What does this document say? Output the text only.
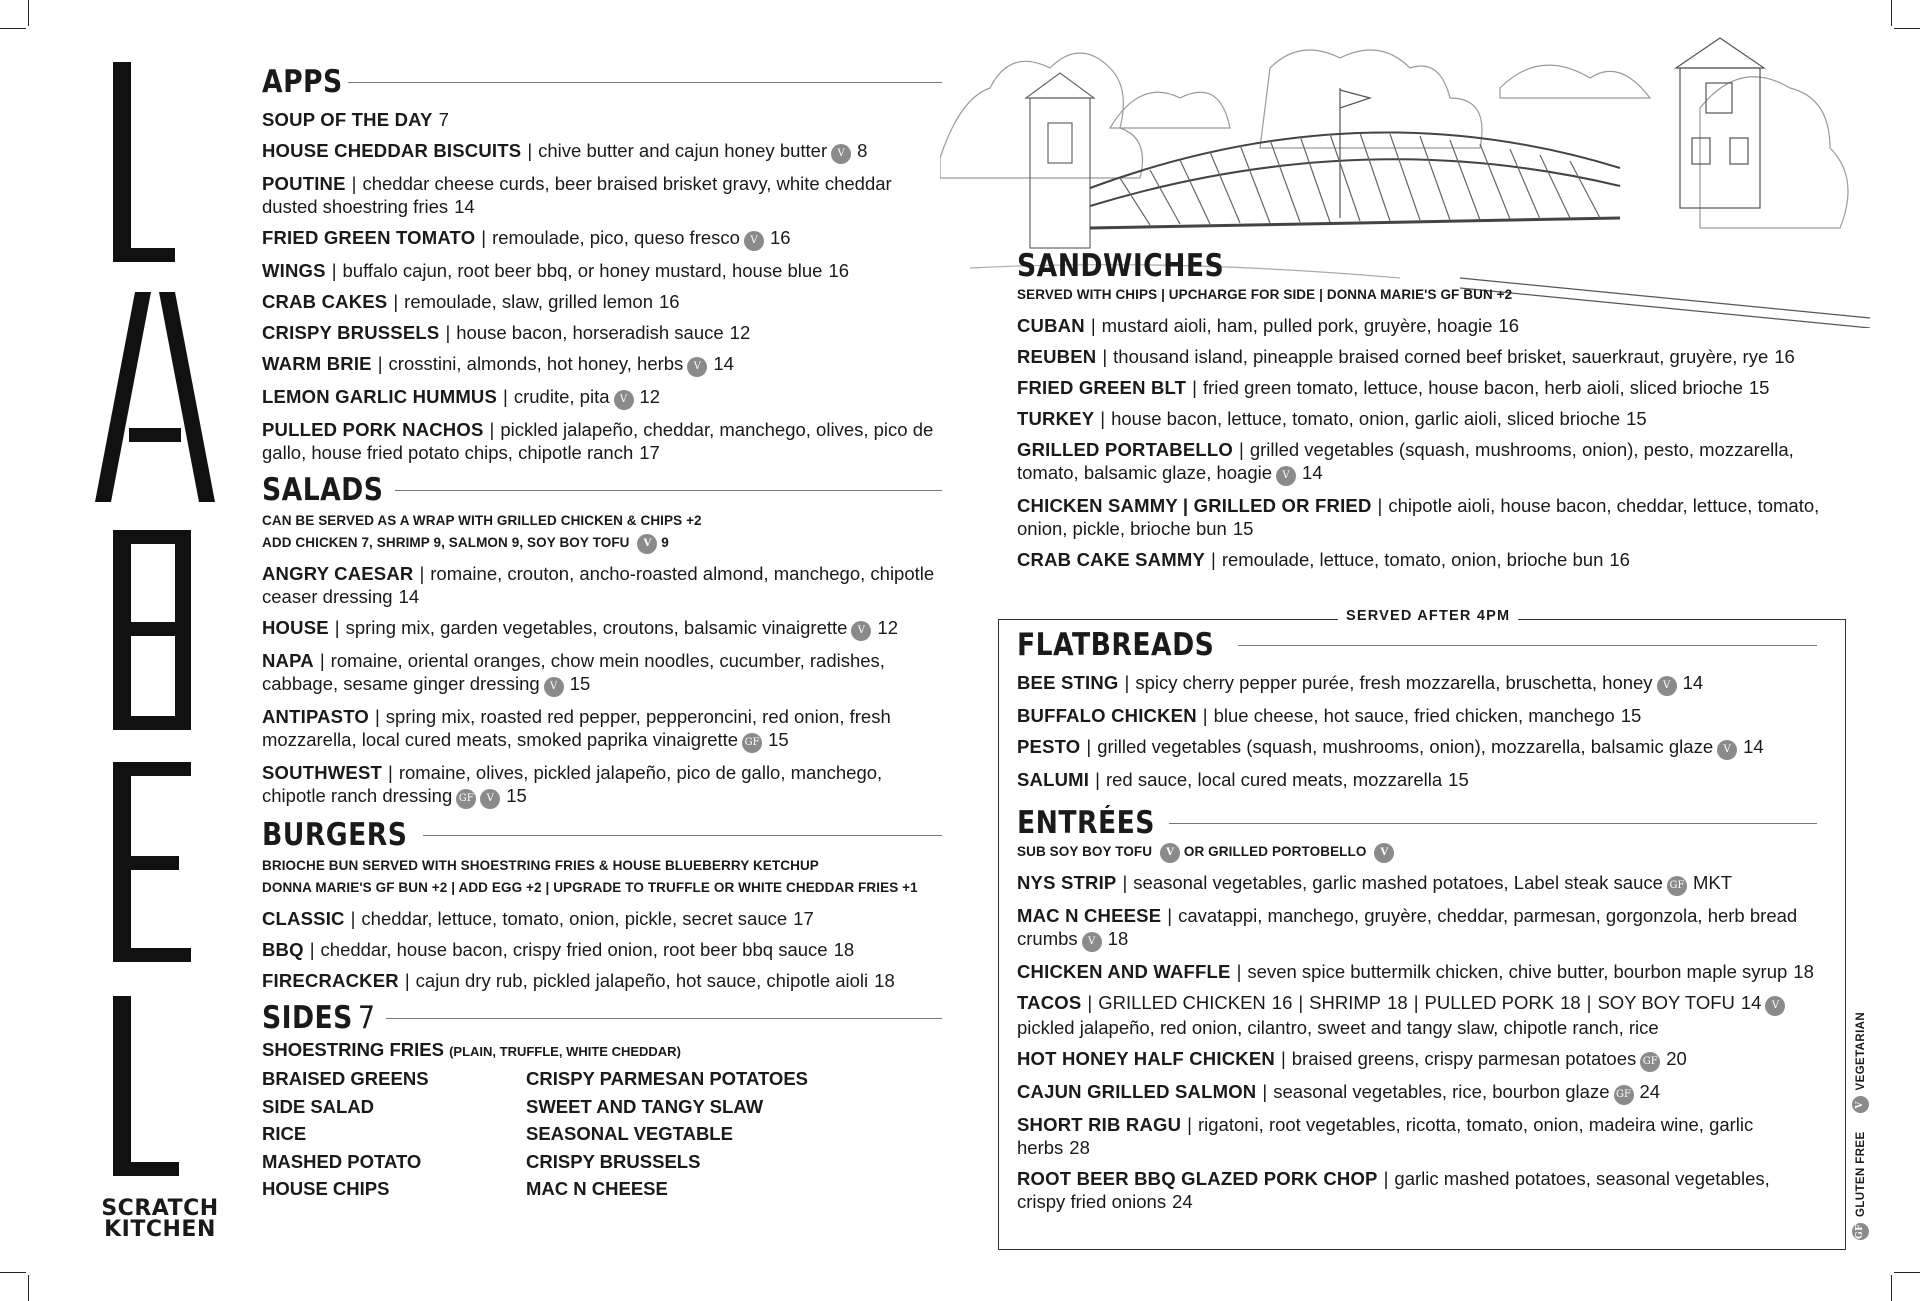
SCRATCH
KITCHEN
APPS
SOUP OF THE DAY 7
HOUSE CHEDDAR BISCUITS | chive butter and cajun honey butter V 8
POUTINE | cheddar cheese curds, beer braised brisket gravy, white cheddar dusted shoestring fries 14
FRIED GREEN TOMATO | remoulade, pico, queso fresco V 16
WINGS | buffalo cajun, root beer bbq, or honey mustard, house blue 16
CRAB CAKES | remoulade, slaw, grilled lemon 16
CRISPY BRUSSELS | house bacon, horseradish sauce 12
WARM BRIE | crosstini, almonds, hot honey, herbs V 14
LEMON GARLIC HUMMUS | crudite, pita V 12
PULLED PORK NACHOS | pickled jalapeño, cheddar, manchego, olives, pico de gallo, house fried potato chips, chipotle ranch 17
SALADS
CAN BE SERVED AS A WRAP WITH GRILLED CHICKEN & CHIPS +2
ADD CHICKEN 7, SHRIMP 9, SALMON 9, SOY BOY TOFU V 9
ANGRY CAESAR | romaine, crouton, ancho-roasted almond, manchego, chipotle ceaser dressing 14
HOUSE | spring mix, garden vegetables, croutons, balsamic vinaigrette V 12
NAPA | romaine, oriental oranges, chow mein noodles, cucumber, radishes, cabbage, sesame ginger dressing V 15
ANTIPASTO | spring mix, roasted red pepper, pepperoncini, red onion, fresh mozzarella, local cured meats, smoked paprika vinaigrette GF 15
SOUTHWEST | romaine, olives, pickled jalapeño, pico de gallo, manchego, chipotle ranch dressing GF V 15
BURGERS
BRIOCHE BUN SERVED WITH SHOESTRING FRIES & HOUSE BLUEBERRY KETCHUP
DONNA MARIE'S GF BUN +2 | ADD EGG +2 | UPGRADE TO TRUFFLE OR WHITE CHEDDAR FRIES +1
CLASSIC | cheddar, lettuce, tomato, onion, pickle, secret sauce 17
BBQ | cheddar, house bacon, crispy fried onion, root beer bbq sauce 18
FIRECRACKER | cajun dry rub, pickled jalapeño, hot sauce, chipotle aioli 18
SIDES 7
SHOESTRING FRIES (PLAIN, TRUFFLE, WHITE CHEDDAR)
BRAISED GREENS	CRISPY PARMESAN POTATOES
SIDE SALAD	SWEET AND TANGY SLAW
RICE	SEASONAL VEGTABLE
MASHED POTATO	CRISPY BRUSSELS
HOUSE CHIPS	MAC N CHEESE
SANDWICHES
SERVED WITH CHIPS | UPCHARGE FOR SIDE | DONNA MARIE'S GF BUN +2
CUBAN | mustard aioli, ham, pulled pork, gruyère, hoagie 16
REUBEN | thousand island, pineapple braised corned beef brisket, sauerkraut, gruyère, rye 16
FRIED GREEN BLT | fried green tomato, lettuce, house bacon, herb aioli, sliced brioche 15
TURKEY | house bacon, lettuce, tomato, onion, garlic aioli, sliced brioche 15
GRILLED PORTABELLO | grilled vegetables (squash, mushrooms, onion), pesto, mozzarella, tomato, balsamic glaze, hoagie V 14
CHICKEN SAMMY | GRILLED OR FRIED | chipotle aioli, house bacon, cheddar, lettuce, tomato, onion, pickle, brioche bun 15
CRAB CAKE SAMMY | remoulade, lettuce, tomato, onion, brioche bun 16
SERVED AFTER 4PM
FLATBREADS
BEE STING | spicy cherry pepper purée, fresh mozzarella, bruschetta, honey V 14
BUFFALO CHICKEN | blue cheese, hot sauce, fried chicken, manchego 15
PESTO | grilled vegetables (squash, mushrooms, onion), mozzarella, balsamic glaze V 14
SALUMI | red sauce, local cured meats, mozzarella 15
ENTRÉES
SUB SOY BOY TOFU V OR GRILLED PORTOBELLO V
NYS STRIP | seasonal vegetables, garlic mashed potatoes, Label steak sauce GF MKT
MAC N CHEESE | cavatappi, manchego, gruyère, cheddar, parmesan, gorgonzola, herb bread crumbs V 18
CHICKEN AND WAFFLE | seven spice buttermilk chicken, chive butter, bourbon maple syrup 18
TACOS | GRILLED CHICKEN 16 | SHRIMP 18 | PULLED PORK 18 | SOY BOY TOFU 14 V
pickled jalapeño, red onion, cilantro, sweet and tangy slaw, chipotle ranch, rice
HOT HONEY HALF CHICKEN | braised greens, crispy parmesan potatoes GF 20
CAJUN GRILLED SALMON | seasonal vegetables, rice, bourbon glaze GF 24
SHORT RIB RAGU | rigatoni, root vegetables, ricotta, tomato, onion, madeira wine, garlic herbs 28
ROOT BEER BBQ GLAZED PORK CHOP | garlic mashed potatoes, seasonal vegetables, crispy fried onions 24
GF
GLUTEN FREE
V
VEGETARIAN
